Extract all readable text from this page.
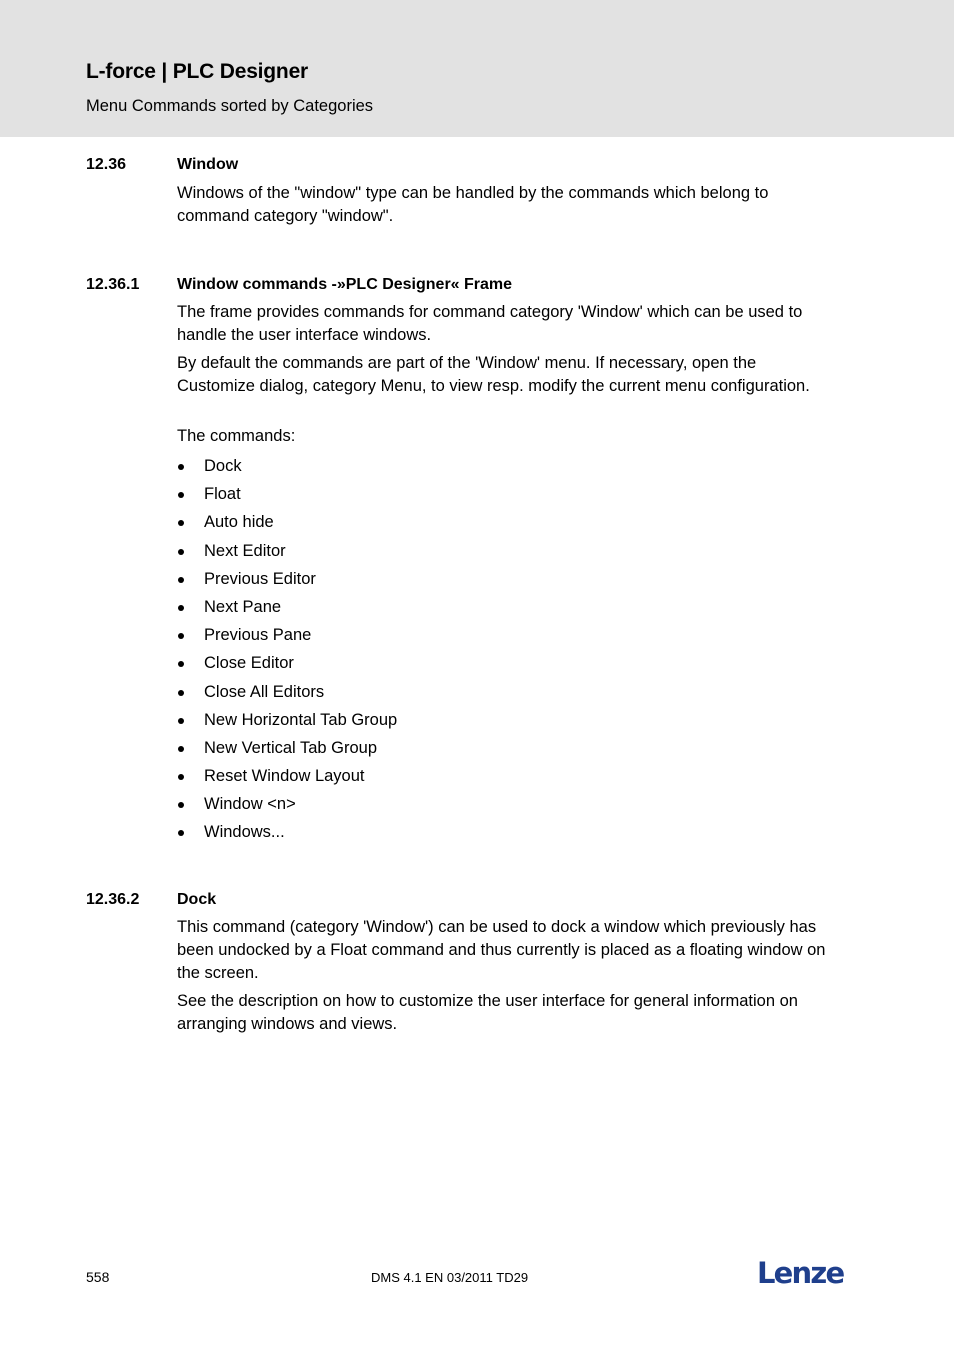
L-force | PLC Designer
Menu Commands sorted by Categories
12.36	Window

Windows of the "window" type can be handled by the commands which belong to command category "window".

12.36.1 Window commands -»PLC Designer« Frame

The frame provides commands for command category 'Window' which can be used to handle the user interface windows.

By default the commands are part of the 'Window' menu. If necessary, open the Customize dialog, category Menu, to view resp. modify the current menu configuration.

The commands:

Dock
Float
Auto hide
Next Editor
Previous Editor
Next Pane
Previous Pane
Close Editor
Close All Editors
New Horizontal Tab Group
New Vertical Tab Group
Reset Window Layout
Window <n>
Windows...
12.36.2 Dock

This command (category 'Window') can be used to dock a window which previously has been undocked by a Float command and thus currently is placed as a floating window on the screen.

See the description on how to customize the user interface for general information on arranging windows and views.

558	DMS 4.1 EN 03/2011 TD29	Lenze
